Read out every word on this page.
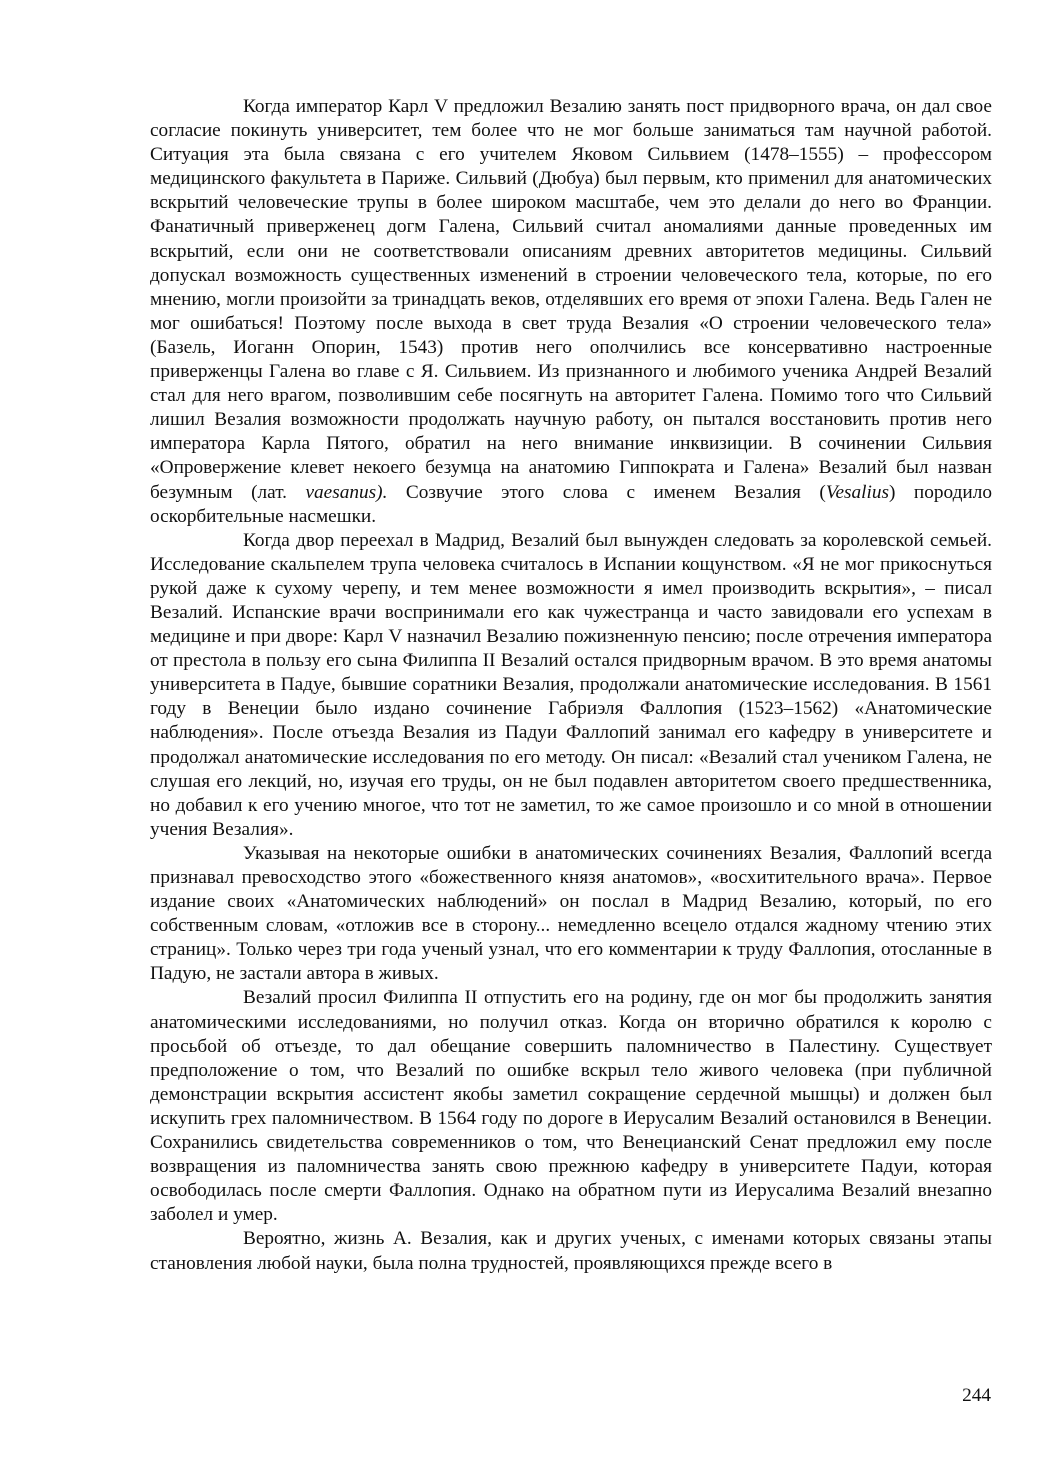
Когда император Карл V предложил Везалию занять пост придворного врача, он дал свое согласие покинуть университет, тем более что не мог больше заниматься там научной работой. Ситуация эта была связана с его учителем Яковом Сильвием (1478–1555) – профессором медицинского факультета в Париже. Сильвий (Дюбуа) был первым, кто применил для анатомических вскрытий человеческие трупы в более широком масштабе, чем это делали до него во Франции. Фанатичный приверженец догм Галена, Сильвий считал аномалиями данные проведенных им вскрытий, если они не соответствовали описаниям древних авторитетов медицины. Сильвий допускал возможность существенных изменений в строении человеческого тела, которые, по его мнению, могли произойти за тринадцать веков, отделявших его время от эпохи Галена. Ведь Гален не мог ошибаться! Поэтому после выхода в свет труда Везалия «О строении человеческого тела» (Базель, Иоганн Опорин, 1543) против него ополчились все консервативно настроенные приверженцы Галена во главе с Я. Сильвием. Из признанного и любимого ученика Андрей Везалий стал для него врагом, позволившим себе посягнуть на авторитет Галена. Помимо того что Сильвий лишил Везалия возможности продолжать научную работу, он пытался восстановить против него императора Карла Пятого, обратил на него внимание инквизиции. В сочинении Сильвия «Опровержение клевет некоего безумца на анатомию Гиппократа и Галена» Везалий был назван безумным (лат. vaesanus). Созвучие этого слова с именем Везалия (Vesalius) породило оскорбительные насмешки.

Когда двор переехал в Мадрид, Везалий был вынужден следовать за королевской семьей. Исследование скальпелем трупа человека считалось в Испании кощунством. «Я не мог прикоснуться рукой даже к сухому черепу, и тем менее возможности я имел производить вскрытия», – писал Везалий. Испанские врачи воспринимали его как чужестранца и часто завидовали его успехам в медицине и при дворе: Карл V назначил Везалию пожизненную пенсию; после отречения императора от престола в пользу его сына Филиппа II Везалий остался придворным врачом. В это время анатомы университета в Падуе, бывшие соратники Везалия, продолжали анатомические исследования. В 1561 году в Венеции было издано сочинение Габриэля Фаллопия (1523–1562) «Анатомические наблюдения». После отъезда Везалия из Падуи Фаллопий занимал его кафедру в университете и продолжал анатомические исследования по его методу. Он писал: «Везалий стал учеником Галена, не слушая его лекций, но, изучая его труды, он не был подавлен авторитетом своего предшественника, но добавил к его учению многое, что тот не заметил, то же самое произошло и со мной в отношении учения Везалия».

Указывая на некоторые ошибки в анатомических сочинениях Везалия, Фаллопий всегда признавал превосходство этого «божественного князя анатомов», «восхитительного врача». Первое издание своих «Анатомических наблюдений» он послал в Мадрид Везалию, который, по его собственным словам, «отложив все в сторону... немедленно всецело отдался жадному чтению этих страниц». Только через три года ученый узнал, что его комментарии к труду Фаллопия, отосланные в Падую, не застали автора в живых.

Везалий просил Филиппа II отпустить его на родину, где он мог бы продолжить занятия анатомическими исследованиями, но получил отказ. Когда он вторично обратился к королю с просьбой об отъезде, то дал обещание совершить паломничество в Палестину. Существует предположение о том, что Везалий по ошибке вскрыл тело живого человека (при публичной демонстрации вскрытия ассистент якобы заметил сокращение сердечной мышцы) и должен был искупить грех паломничеством. В 1564 году по дороге в Иерусалим Везалий остановился в Венеции. Сохранились свидетельства современников о том, что Венецианский Сенат предложил ему после возвращения из паломничества занять свою прежнюю кафедру в университете Падуи, которая освободилась после смерти Фаллопия. Однако на обратном пути из Иерусалима Везалий внезапно заболел и умер.

Вероятно, жизнь А. Везалия, как и других ученых, с именами которых связаны этапы становления любой науки, была полна трудностей, проявляющихся прежде всего в

244
